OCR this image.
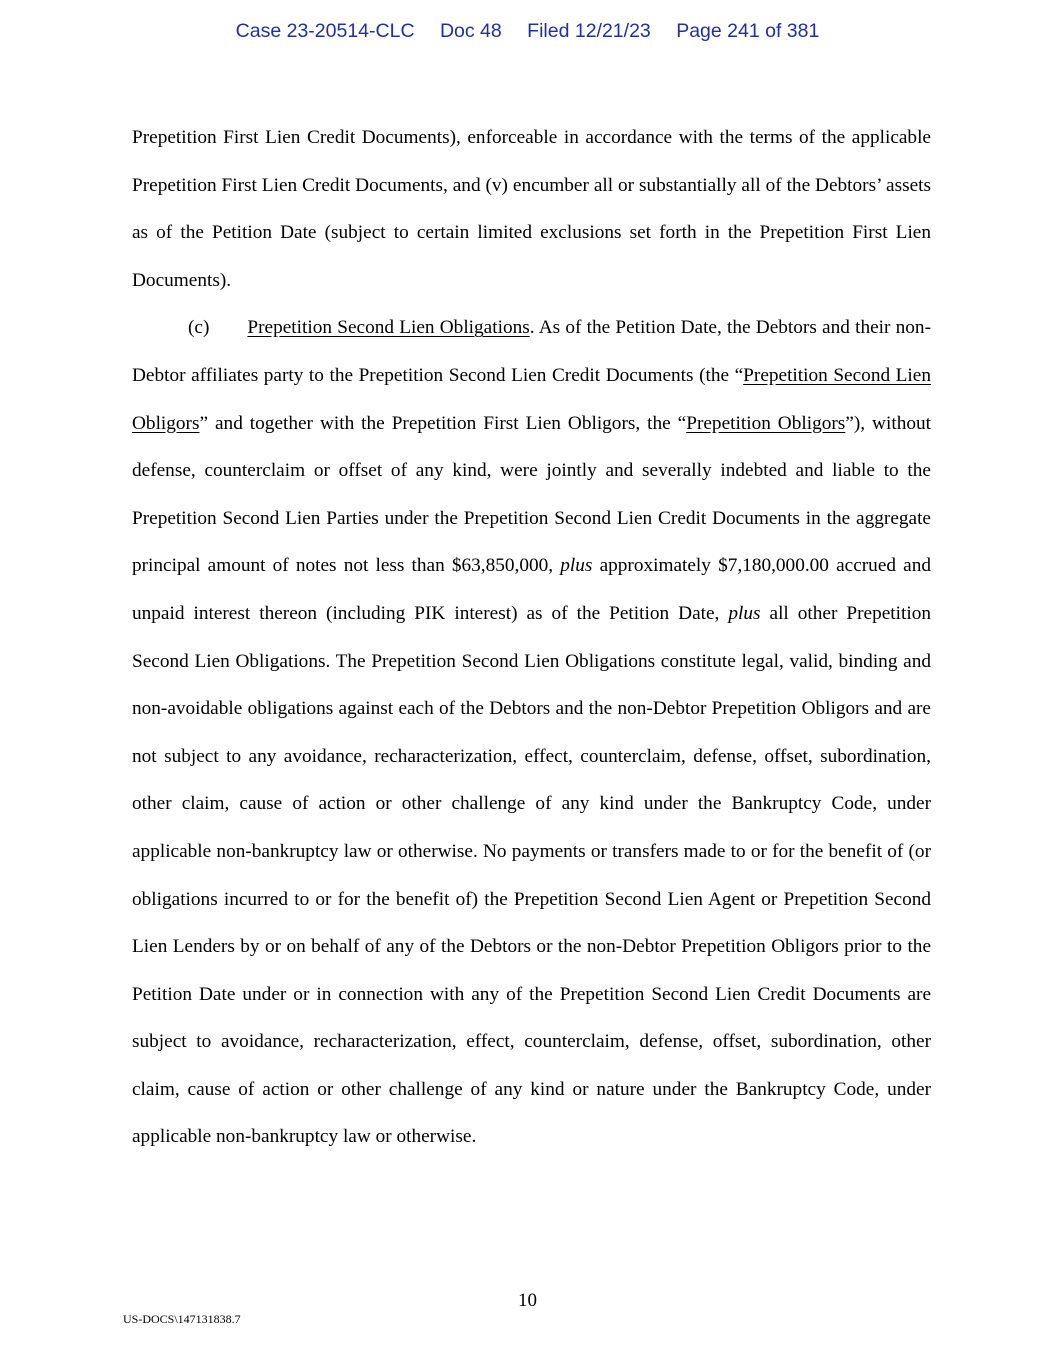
Case 23-20514-CLC Doc 48 Filed 12/21/23 Page 241 of 381

Prepetition First Lien Credit Documents), enforceable in accordance with the terms of the applicable Prepetition First Lien Credit Documents, and (v) encumber all or substantially all of the Debtors’ assets as of the Petition Date (subject to certain limited exclusions set forth in the Prepetition First Lien Documents).

(c) Prepetition Second Lien Obligations. As of the Petition Date, the Debtors and their non-Debtor affiliates party to the Prepetition Second Lien Credit Documents (the “Prepetition Second Lien Obligors” and together with the Prepetition First Lien Obligors, the “Prepetition Obligors”), without defense, counterclaim or offset of any kind, were jointly and severally indebted and liable to the Prepetition Second Lien Parties under the Prepetition Second Lien Credit Documents in the aggregate principal amount of notes not less than $63,850,000, plus approximately $7,180,000.00 accrued and unpaid interest thereon (including PIK interest) as of the Petition Date, plus all other Prepetition Second Lien Obligations. The Prepetition Second Lien Obligations constitute legal, valid, binding and non-avoidable obligations against each of the Debtors and the non-Debtor Prepetition Obligors and are not subject to any avoidance, recharacterization, effect, counterclaim, defense, offset, subordination, other claim, cause of action or other challenge of any kind under the Bankruptcy Code, under applicable non-bankruptcy law or otherwise. No payments or transfers made to or for the benefit of (or obligations incurred to or for the benefit of) the Prepetition Second Lien Agent or Prepetition Second Lien Lenders by or on behalf of any of the Debtors or the non-Debtor Prepetition Obligors prior to the Petition Date under or in connection with any of the Prepetition Second Lien Credit Documents are subject to avoidance, recharacterization, effect, counterclaim, defense, offset, subordination, other claim, cause of action or other challenge of any kind or nature under the Bankruptcy Code, under applicable non-bankruptcy law or otherwise.

10
US-DOCS\147131838.7
